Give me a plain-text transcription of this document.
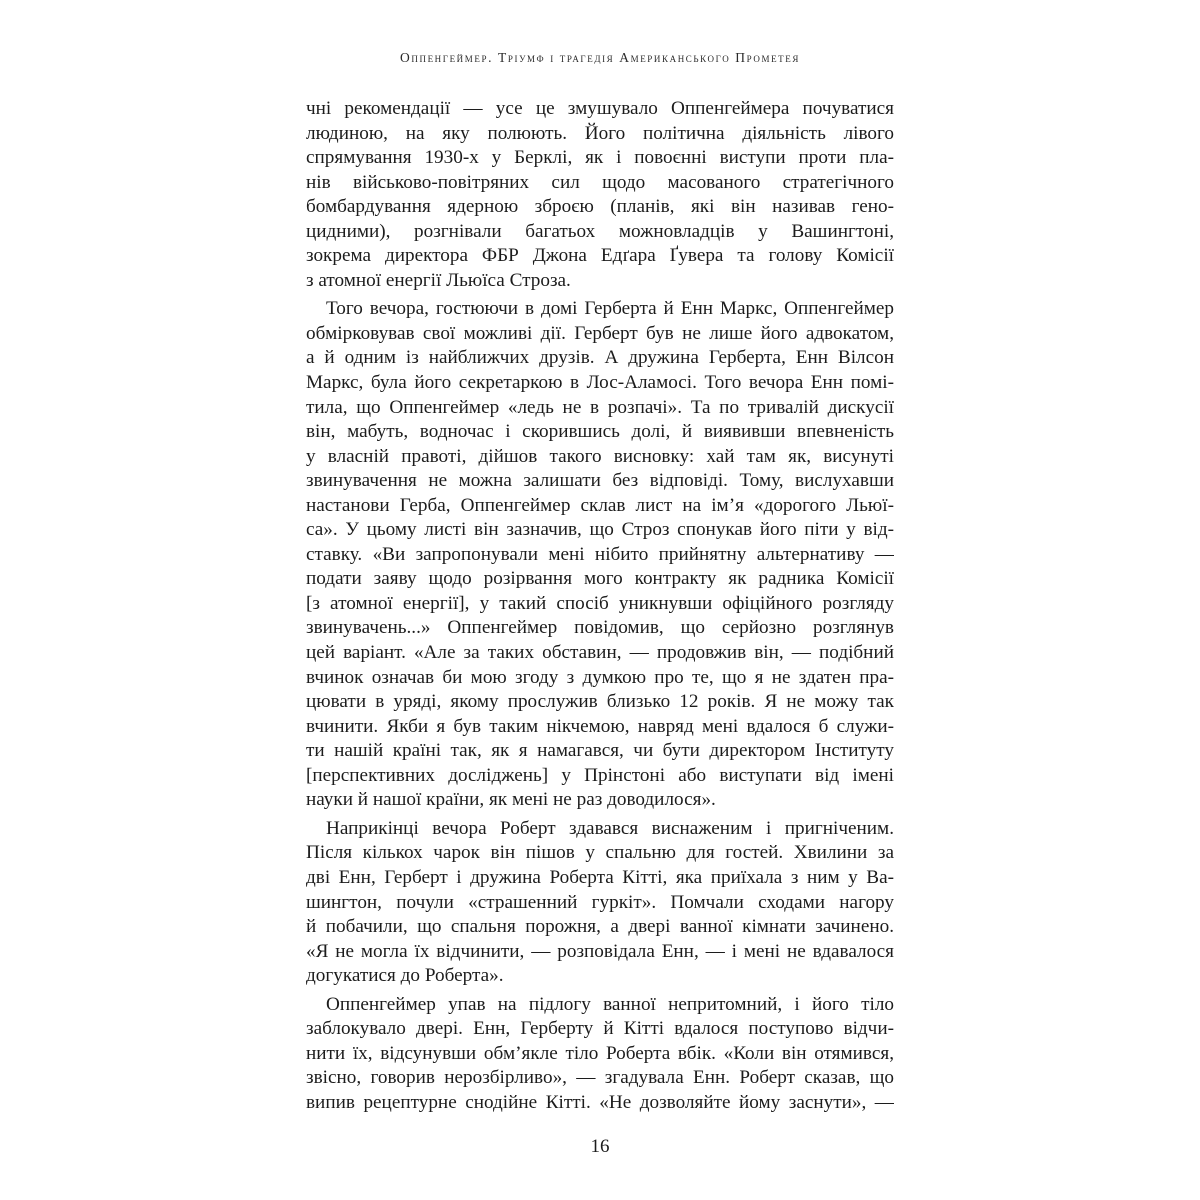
Оппенгеймер. Тріумф і трагедія Американського Прометея
чні рекомендації — усе це змушувало Оппенгеймера почуватися
людиною, на яку полюють. Його політична діяльність лівого
спрямування 1930-х у Берклі, як і повоєнні виступи проти пла-
нів військово-повітряних сил щодо масованого стратегічного
бомбардування ядерною зброєю (планів, які він називав гено-
цидними), розгнівали багатьох можновладців у Вашингтоні,
зокрема директора ФБР Джона Едґара Ґувера та голову Комісії
з атомної енергії Льюїса Строза.
Того вечора, гостюючи в домі Герберта й Енн Маркс, Оппенгеймер
обмірковував свої можливі дії. Герберт був не лише його адвокатом,
а й одним із найближчих друзів. А дружина Герберта, Енн Вілсон
Маркс, була його секретаркою в Лос-Аламосі. Того вечора Енн помі-
тила, що Оппенгеймер «ледь не в розпачі». Та по тривалій дискусії
він, мабуть, водночас і скорившись долі, й виявивши впевненість
у власній правоті, дійшов такого висновку: хай там як, висунуті
звинувачення не можна залишати без відповіді. Тому, вислухавши
настанови Герба, Оппенгеймер склав лист на ім’я «дорогого Льюї-
са». У цьому листі він зазначив, що Строз спонукав його піти у від-
ставку. «Ви запропонували мені нібито прийнятну альтернативу —
подати заяву щодо розірвання мого контракту як радника Комісії
[з атомної енергії], у такий спосіб уникнувши офіційного розгляду
звинувачень...» Оппенгеймер повідомив, що серйозно розглянув
цей варіант. «Але за таких обставин, — продовжив він, — подібний
вчинок означав би мою згоду з думкою про те, що я не здатен пра-
цювати в уряді, якому прослужив близько 12 років. Я не можу так
вчинити. Якби я був таким нікчемою, навряд мені вдалося б служи-
ти нашій країні так, як я намагався, чи бути директором Інституту
[перспективних досліджень] у Прінстоні або виступати від імені
науки й нашої країни, як мені не раз доводилося».
Наприкінці вечора Роберт здавався виснаженим і пригніченим.
Після кількох чарок він пішов у спальню для гостей. Хвилини за
дві Енн, Герберт і дружина Роберта Кітті, яка приїхала з ним у Ва-
шингтон, почули «страшенний гуркіт». Помчали сходами нагору
й побачили, що спальня порожня, а двері ванної кімнати зачинено.
«Я не могла їх відчинити, — розповідала Енн, — і мені не вдавалося
догукатися до Роберта».
Оппенгеймер упав на підлогу ванної непритомний, і його тіло
заблокувало двері. Енн, Герберту й Кітті вдалося поступово відчи-
нити їх, відсунувши обм’якле тіло Роберта вбік. «Коли він отямився,
звісно, говорив нерозбірливо», — згадувала Енн. Роберт сказав, що
випив рецептурне снодійне Кітті. «Не дозволяйте йому заснути», —
16
